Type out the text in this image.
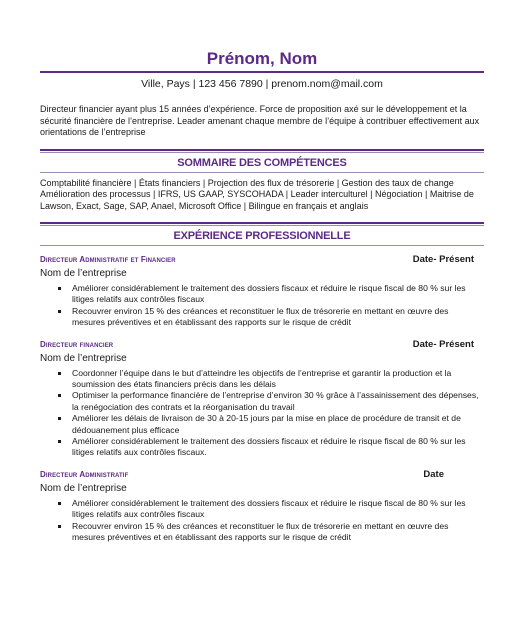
Prénom, Nom
Ville, Pays | 123 456 7890 | prenom.nom@mail.com

Directeur financier ayant plus 15 années d’expérience. Force de proposition axé sur le développement et la sécurité financière de l’entreprise. Leader amenant chaque membre de l’équipe à contribuer effectivement aux orientations de l’entreprise

SOMMAIRE DES COMPÉTENCES
Comptabilité financière | États financiers | Projection des flux de trésorerie | Gestion des taux de change Amélioration des processus | IFRS, US GAAP, SYSCOHADA | Leader interculturel | Négociation | Maitrise de Lawson, Exact, Sage, SAP, Anael, Microsoft Office | Bilingue en français et anglais
EXPÉRIENCE PROFESSIONNELLE
Directeur Administratif et Financier	Date- Présent
Nom de l’entreprise
Améliorer considérablement le traitement des dossiers fiscaux et réduire le risque fiscal de 80 % sur les litiges relatifs aux contrôles fiscaux
Recouvrer environ 15 % des créances et reconstituer le flux de trésorerie en mettant en œuvre des mesures préventives et en établissant des rapports sur le risque de crédit
Directeur financier	Date- Présent
Nom de l’entreprise
Coordonner l’équipe dans le but d’atteindre les objectifs de l’entreprise et garantir la production et la soumission des états financiers précis dans les délais
Optimiser la performance financière de l’entreprise d’environ 30 % grâce à l’assainissement des dépenses, la renégociation des contrats et la réorganisation du travail
Améliorer les délais de livraison de 30 à 20-15 jours par la mise en place de procédure de transit et de dédouanement plus efficace
Améliorer considérablement le traitement des dossiers fiscaux et réduire le risque fiscal de 80 % sur les litiges relatifs aux contrôles fiscaux.
Directeur Administratif	Date
Nom de l’entreprise
Améliorer considérablement le traitement des dossiers fiscaux et réduire le risque fiscal de 80 % sur les litiges relatifs aux contrôles fiscaux
Recouvrer environ 15 % des créances et reconstituer le flux de trésorerie en mettant en œuvre des mesures préventives et en établissant des rapports sur le risque de crédit
